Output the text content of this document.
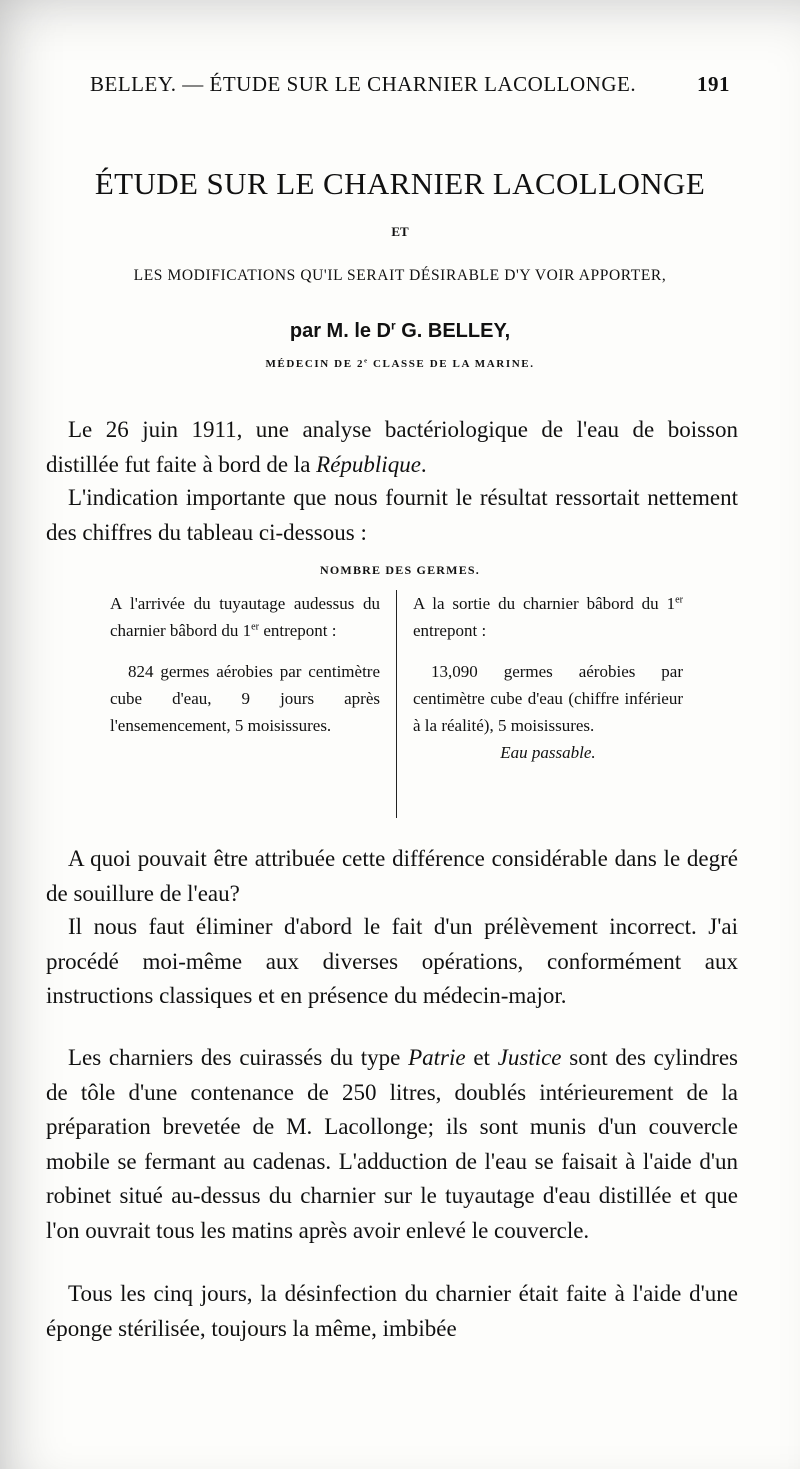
BELLEY. — ÉTUDE SUR LE CHARNIER LACOLLONGE.	191
ÉTUDE SUR LE CHARNIER LACOLLONGE
ET
LES MODIFICATIONS QU'IL SERAIT DÉSIRABLE D'Y VOIR APPORTER,
par M. le $D^r$ G. BELLEY,
MÉDECIN DE 2e CLASSE DE LA MARINE.
Le 26 juin 1911, une analyse bactériologique de l'eau de boisson distillée fut faite à bord de la République.
L'indication importante que nous fournit le résultat ressortait nettement des chiffres du tableau ci-dessous :
NOMBRE DES GERMES.

A l'arrivée du tuyautage audessus du charnier bâbord du 1er entrepont :

824 germes aérobies par centimètre cube d'eau, 9 jours après l'ensemencement, 5 moisissures.

A la sortie du charnier bâbord du 1er entrepont :

13,090 germes aérobies par centimètre cube d'eau (chiffre inférieur à la réalité), 5 moisissures.

Eau passable.

A quoi pouvait être attribuée cette différence considérable dans le degré de souillure de l'eau?
Il nous faut éliminer d'abord le fait d'un prélèvement incorrect. J'ai procédé moi-même aux diverses opérations, conformément aux instructions classiques et en présence du médecin-major.
Les charniers des cuirassés du type Patrie et Justice sont des cylindres de tôle d'une contenance de 250 litres, doublés intérieurement de la préparation brevetée de M. Lacollonge; ils sont munis d'un couvercle mobile se fermant au cadenas. L'adduction de l'eau se faisait à l'aide d'un robinet situé au-dessus du charnier sur le tuyautage d'eau distillée et que l'on ouvrait tous les matins après avoir enlevé le couvercle.
Tous les cinq jours, la désinfection du charnier était faite à l'aide d'une éponge stérilisée, toujours la même, imbibée
